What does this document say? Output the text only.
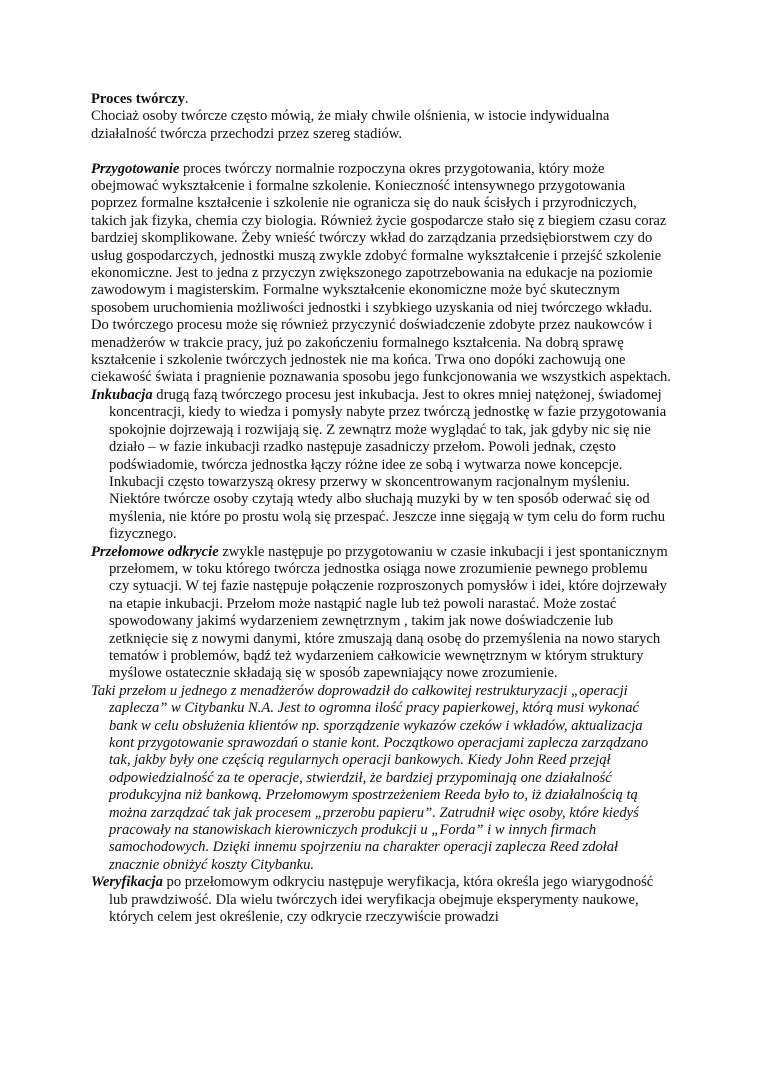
Proces twórczy.

Chociaż osoby twórcze często mówią, że miały chwile olśnienia, w istocie indywidualna działalność twórcza przechodzi przez szereg stadiów.

Przygotowanie proces twórczy normalnie rozpoczyna okres przygotowania, który może obejmować wykształcenie i formalne szkolenie. Konieczność intensywnego przygotowania poprzez formalne kształcenie i szkolenie nie ogranicza się do nauk ścisłych i przyrodniczych, takich jak fizyka, chemia czy biologia. Również życie gospodarcze stało się z biegiem czasu coraz bardziej skomplikowane. Żeby wnieść twórczy wkład do zarządzania przedsiębiorstwem czy do usług gospodarczych, jednostki muszą zwykle zdobyć formalne wykształcenie i przejść szkolenie ekonomiczne. Jest to jedna z przyczyn zwiększonego zapotrzebowania na edukacje na poziomie zawodowym i magisterskim. Formalne wykształcenie ekonomiczne może być skutecznym sposobem uruchomienia możliwości jednostki i szybkiego uzyskania od niej twórczego wkładu. Do twórczego procesu może się również przyczynić doświadczenie zdobyte przez naukowców i menadżerów w trakcie pracy, już po zakończeniu formalnego kształcenia. Na dobrą sprawę kształcenie i szkolenie twórczych jednostek nie ma końca. Trwa ono dopóki zachowują one ciekawość świata i pragnienie poznawania sposobu jego funkcjonowania we wszystkich aspektach.

Inkubacja drugą fazą twórczego procesu jest inkubacja. Jest to okres mniej natężonej, świadomej koncentracji, kiedy to wiedza i pomysły nabyte przez twórczą jednostkę w fazie przygotowania spokojnie dojrzewają i rozwijają się. Z zewnątrz może wyglądać to tak, jak gdyby nic się nie działo – w fazie inkubacji rzadko następuje zasadniczy przełom. Powoli jednak, często podświadomie, twórcza jednostka łączy różne idee ze sobą i wytwarza nowe koncepcje. Inkubacji często towarzyszą okresy przerwy w skoncentrowanym racjonalnym myśleniu. Niektóre twórcze osoby czytają wtedy albo słuchają muzyki by w ten sposób oderwać się od myślenia, nie które po prostu wolą się przespać. Jeszcze inne sięgają w tym celu do form ruchu fizycznego.

Przełomowe odkrycie zwykle następuje po przygotowaniu w czasie inkubacji i jest spontanicznym przełomem, w toku którego twórcza jednostka osiąga nowe zrozumienie pewnego problemu czy sytuacji. W tej fazie następuje połączenie rozproszonych pomysłów i idei, które dojrzewały na etapie inkubacji. Przełom może nastąpić nagle lub też powoli narastać. Może zostać spowodowany jakimś wydarzeniem zewnętrznym , takim jak nowe doświadczenie lub zetknięcie się z nowymi danymi, które zmuszają daną osobę do przemyślenia na nowo starych tematów i problemów, bądź też wydarzeniem całkowicie wewnętrznym w którym struktury myślowe ostatecznie składają się w sposób zapewniający nowe zrozumienie.

Taki przełom u jednego z menadżerów doprowadził do całkowitej restrukturyzacji „operacji zaplecza” w Citybanku N.A. Jest to ogromna ilość pracy papierkowej, którą musi wykonać bank w celu obsłużenia klientów np. sporządzenie wykazów czeków i wkładów, aktualizacja kont przygotowanie sprawozdań o stanie kont. Początkowo operacjami zaplecza zarządzano tak, jakby były one częścią regularnych operacji bankowych. Kiedy John Reed przejął odpowiedzialność za te operacje, stwierdził, że bardziej przypominają one działalność produkcyjna niż bankową. Przełomowym spostrzeżeniem Reeda było to, iż działalnością tą można zarządzać tak jak procesem „przerobu papieru”. Zatrudnił więc osoby, które kiedyś pracowały na stanowiskach kierowniczych produkcji u „Forda” i w innych firmach samochodowych. Dzięki innemu spojrzeniu na charakter operacji zaplecza Reed zdołał znacznie obniżyć koszty Citybanku.

Weryfikacja po przełomowym odkryciu następuje weryfikacja, która określa jego wiarygodność lub prawdziwość. Dla wielu twórczych idei weryfikacja obejmuje eksperymenty naukowe, których celem jest określenie, czy odkrycie rzeczywiście prowadzi
